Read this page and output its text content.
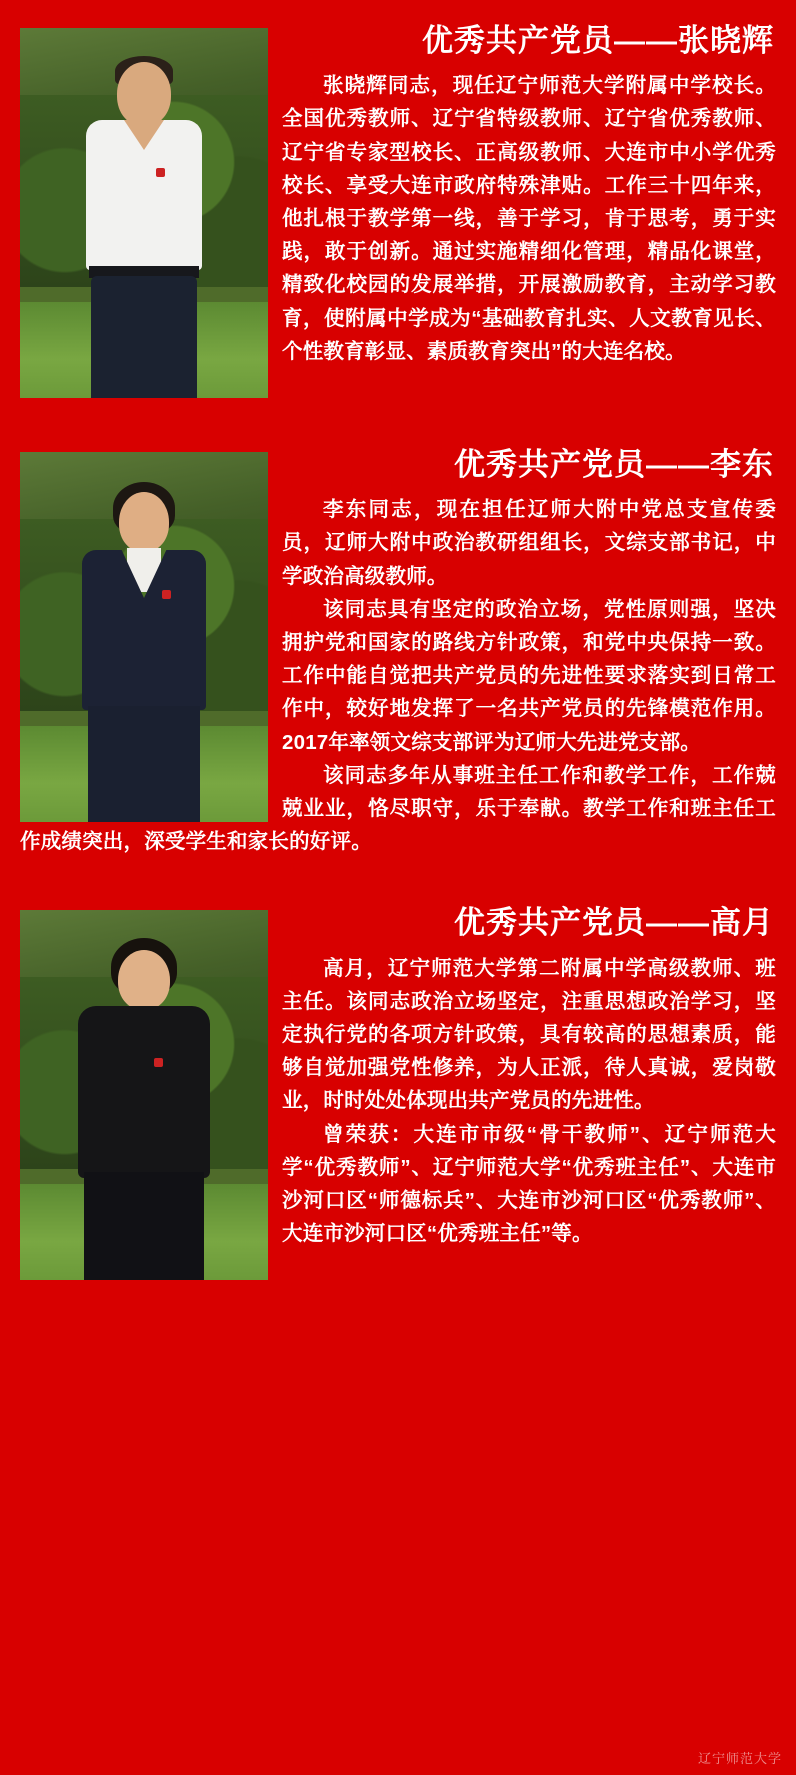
优秀共产党员——张晓辉

张晓辉同志，现任辽宁师范大学附属中学校长。全国优秀教师、辽宁省特级教师、辽宁省优秀教师、辽宁省专家型校长、正高级教师、大连市中小学优秀校长、享受大连市政府特殊津贴。工作三十四年来，他扎根于教学第一线，善于学习，肯于思考，勇于实践，敢于创新。通过实施精细化管理，精品化课堂，精致化校园的发展举措，开展激励教育，主动学习教育，使附属中学成为“基础教育扎实、人文教育见长、个性教育彰显、素质教育突出”的大连名校。

优秀共产党员——李东

李东同志，现在担任辽师大附中党总支宣传委员，辽师大附中政治教研组组长，文综支部书记，中学政治高级教师。

该同志具有坚定的政治立场，党性原则强，坚决拥护党和国家的路线方针政策，和党中央保持一致。工作中能自觉把共产党员的先进性要求落实到日常工作中，较好地发挥了一名共产党员的先锋模范作用。2017年率领文综支部评为辽师大先进党支部。

该同志多年从事班主任工作和教学工作，工作兢兢业业，恪尽职守，乐于奉献。教学工作和班主任工作成绩突出，深受学生和家长的好评。

优秀共产党员——高月

高月，辽宁师范大学第二附属中学高级教师、班主任。该同志政治立场坚定，注重思想政治学习，坚定执行党的各项方针政策，具有较高的思想素质，能够自觉加强党性修养，为人正派，待人真诚，爱岗敬业，时时处处体现出共产党员的先进性。

曾荣获：大连市市级“骨干教师”、辽宁师范大学“优秀教师”、辽宁师范大学“优秀班主任”、大连市沙河口区“师德标兵”、大连市沙河口区“优秀教师”、 大连市沙河口区“优秀班主任”等。

辽宁师范大学
